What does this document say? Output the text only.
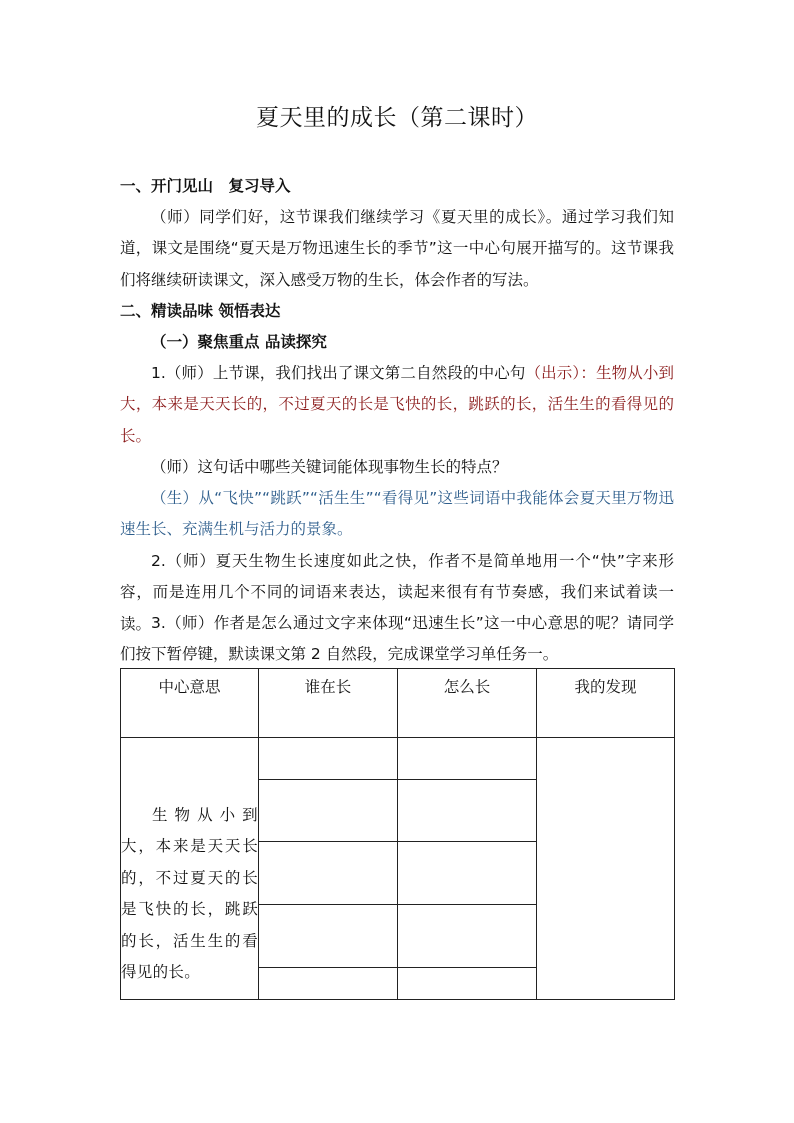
夏天里的成长（第二课时）

一、开门见山　复习导入

（师）同学们好，这节课我们继续学习《夏天里的成长》。通过学习我们知道，课文是围绕“夏天是万物迅速生长的季节”这一中心句展开描写的。这节课我们将继续研读课文，深入感受万物的生长，体会作者的写法。

二、精读品味 领悟表达

（一）聚焦重点 品读探究

1.（师）上节课，我们找出了课文第二自然段的中心句（出示）：生物从小到大，本来是天天长的，不过夏天的长是飞快的长，跳跃的长，活生生的看得见的长。

（师）这句话中哪些关键词能体现事物生长的特点？

（生）从“飞快”“跳跃”“活生生”“看得见”这些词语中我能体会夏天里万物迅速生长、充满生机与活力的景象。

2.（师）夏天生物生长速度如此之快，作者不是简单地用一个“快”字来形容，而是连用几个不同的词语来表达，读起来很有有节奏感，我们来试着读一读。 3.（师）作者是怎么通过文字来体现“迅速生长”这一中心意思的呢？请同学们按下暂停键，默读课文第 2 自然段，完成课堂学习单任务一。

中心意思	谁在长	怎么长	我的发现

生物从小到大，本来是天天长的，不过夏天的长是飞快的长，跳跃的长，活生生的看得见的长。			
